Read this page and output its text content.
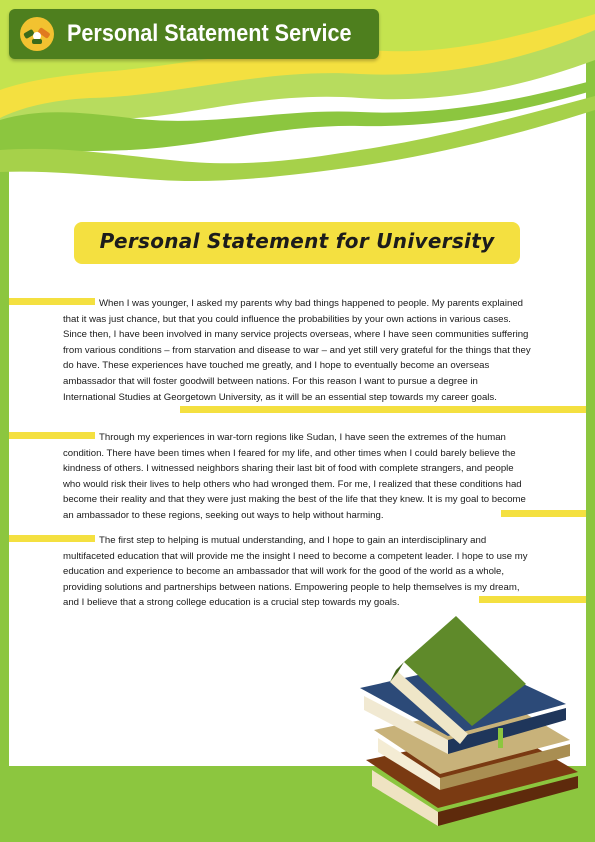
Personal Statement Service
Personal Statement for University

When I was younger, I asked my parents why bad things happened to people. My parents explained that it was just chance, but that you could influence the probabilities by your own actions in various cases. Since then, I have been involved in many service projects overseas, where I have seen communities suffering from various conditions – from starvation and disease to war – and yet still very grateful for the things that they do have. These experiences have touched me greatly, and I hope to eventually become an overseas ambassador that will foster goodwill between nations. For this reason I want to pursue a degree in International Studies at Georgetown University, as it will be an essential step towards my career goals.

Through my experiences in war-torn regions like Sudan, I have seen the extremes of the human condition. There have been times when I feared for my life, and other times when I could barely believe the kindness of others. I witnessed neighbors sharing their last bit of food with complete strangers, and people who would risk their lives to help others who had wronged them. For me, I realized that these conditions had become their reality and that they were just making the best of the life that they knew. It is my goal to become an ambassador to these regions, seeking out ways to help without harming.

The first step to helping is mutual understanding, and I hope to gain an interdisciplinary and multifaceted education that will provide me the insight I need to become a competent leader. I hope to use my education and experience to become an ambassador that will work for the good of the world as a whole, providing solutions and partnerships between nations. Empowering people to help themselves is my dream, and I believe that a strong college education is a crucial step towards my goals.
